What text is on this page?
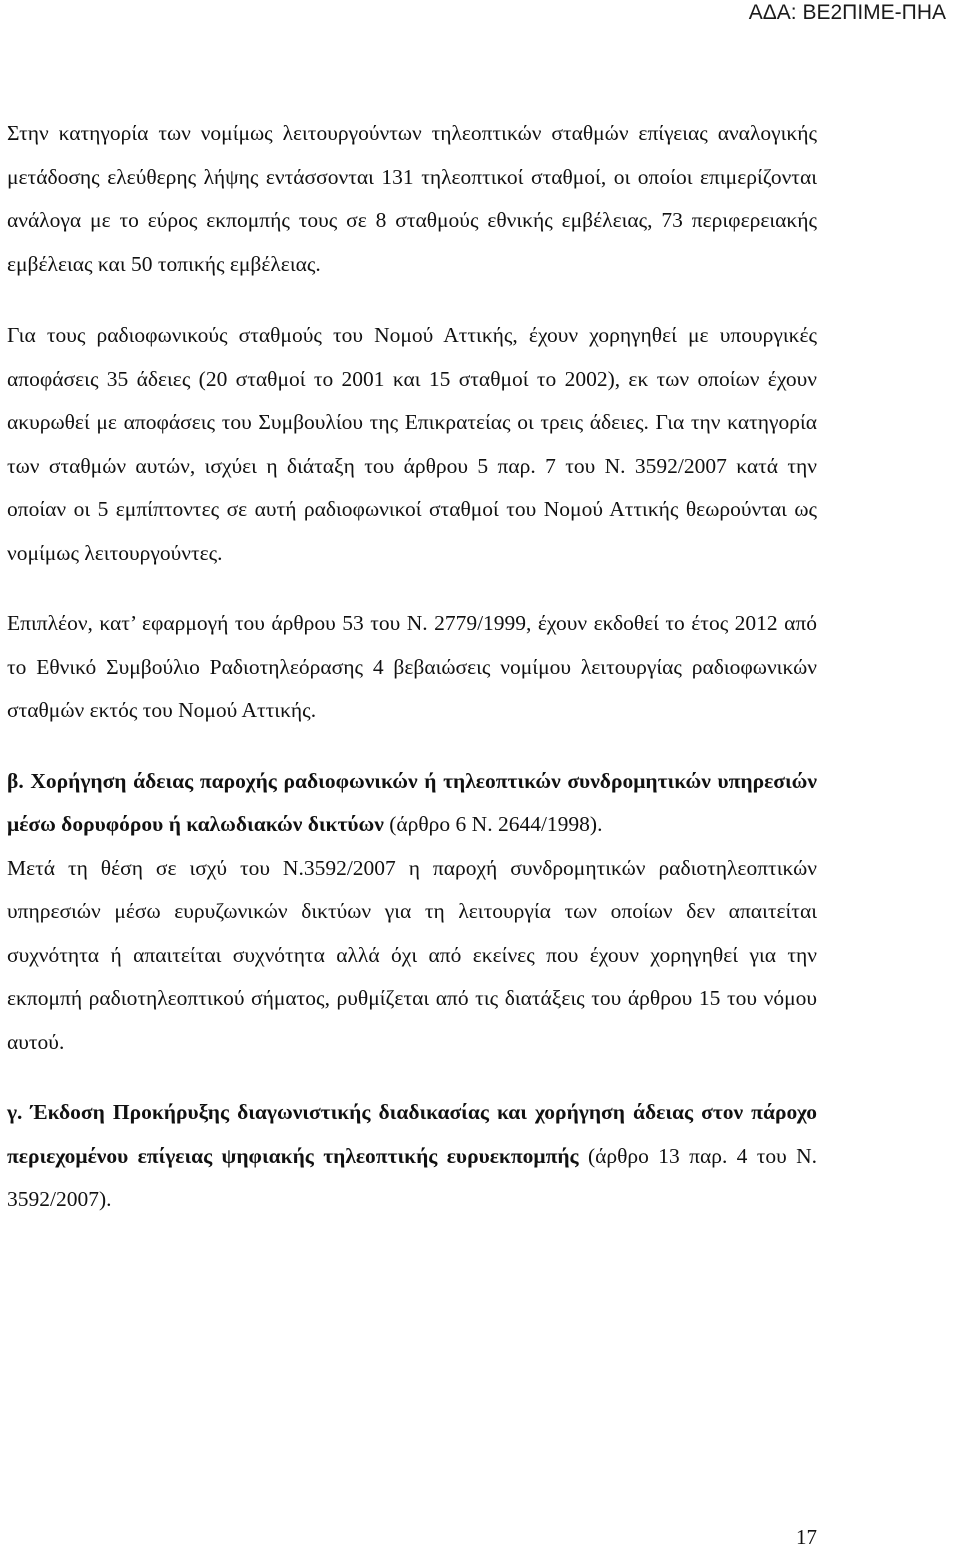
ΑΔΑ: ΒΕ2ΠΙΜΕ-ΠΗΑ

Στην κατηγορία των νομίμως λειτουργούντων τηλεοπτικών σταθμών επίγειας αναλογικής μετάδοσης ελεύθερης λήψης εντάσσονται 131 τηλεοπτικοί σταθμοί, οι οποίοι επιμερίζονται ανάλογα με το εύρος εκπομπής τους σε 8 σταθμούς εθνικής εμβέλειας, 73 περιφερειακής εμβέλειας και 50 τοπικής εμβέλειας.

Για τους ραδιοφωνικούς σταθμούς του Νομού Αττικής, έχουν χορηγηθεί με υπουργικές αποφάσεις 35 άδειες (20 σταθμοί το 2001 και 15 σταθμοί το 2002), εκ των οποίων έχουν ακυρωθεί με αποφάσεις του Συμβουλίου της Επικρατείας οι τρεις άδειες. Για την κατηγορία των σταθμών αυτών, ισχύει η διάταξη του άρθρου 5 παρ. 7 του Ν. 3592/2007 κατά την οποίαν οι 5 εμπίπτοντες σε αυτή ραδιοφωνικοί σταθμοί του Νομού Αττικής θεωρούνται ως νομίμως λειτουργούντες.

Επιπλέον, κατ’ εφαρμογή του άρθρου 53 του Ν. 2779/1999, έχουν εκδοθεί το έτος 2012 από το Εθνικό Συμβούλιο Ραδιοτηλεόρασης 4 βεβαιώσεις νομίμου λειτουργίας ραδιοφωνικών σταθμών εκτός του Νομού Αττικής.

β. Χορήγηση άδειας παροχής ραδιοφωνικών ή τηλεοπτικών συνδρομητικών υπηρεσιών μέσω δορυφόρου ή καλωδιακών δικτύων (άρθρο 6 Ν. 2644/1998).

Μετά τη θέση σε ισχύ του Ν.3592/2007 η παροχή συνδρομητικών ραδιοτηλεοπτικών υπηρεσιών μέσω ευρυζωνικών δικτύων για τη λειτουργία των οποίων δεν απαιτείται συχνότητα ή απαιτείται συχνότητα αλλά όχι από εκείνες που έχουν χορηγηθεί για την εκπομπή ραδιοτηλεοπτικού σήματος, ρυθμίζεται από τις διατάξεις του άρθρου 15 του νόμου αυτού.

γ. Έκδοση Προκήρυξης διαγωνιστικής διαδικασίας και χορήγηση άδειας στον πάροχο περιεχομένου επίγειας ψηφιακής τηλεοπτικής ευρυεκπομπής (άρθρο 13 παρ. 4 του Ν. 3592/2007).

17
